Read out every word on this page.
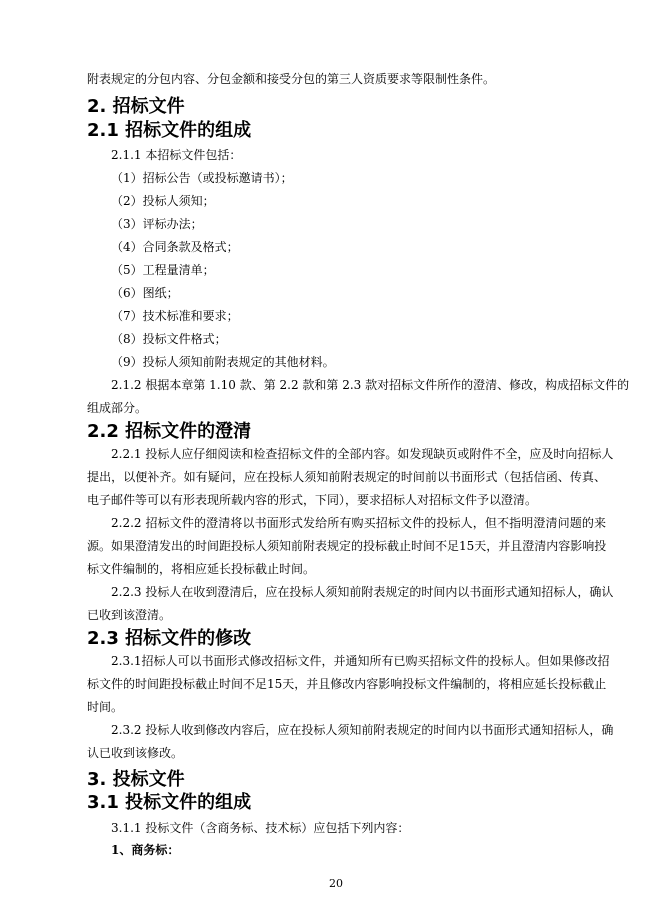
附表规定的分包内容、分包金额和接受分包的第三人资质要求等限制性条件。
2. 招标文件
2.1 招标文件的组成
2.1.1 本招标文件包括：
（1）招标公告（或投标邀请书）；
（2）投标人须知；
（3）评标办法；
（4）合同条款及格式；
（5）工程量清单；
（6）图纸；
（7）技术标准和要求；
（8）投标文件格式；
（9）投标人须知前附表规定的其他材料。
2.1.2 根据本章第 1.10 款、第 2.2 款和第 2.3 款对招标文件所作的澄清、修改，构成招标文件的
组成部分。
2.2 招标文件的澄清
2.2.1 投标人应仔细阅读和检查招标文件的全部内容。如发现缺页或附件不全，应及时向招标人
提出，以便补齐。如有疑问，应在投标人须知前附表规定的时间前以书面形式（包括信函、传真、
电子邮件等可以有形表现所载内容的形式，下同），要求招标人对招标文件予以澄清。
2.2.2 招标文件的澄清将以书面形式发给所有购买招标文件的投标人，但不指明澄清问题的来
源。如果澄清发出的时间距投标人须知前附表规定的投标截止时间不足15天，并且澄清内容影响投
标文件编制的，将相应延长投标截止时间。
2.2.3 投标人在收到澄清后，应在投标人须知前附表规定的时间内以书面形式通知招标人，确认
已收到该澄清。
2.3 招标文件的修改
2.3.1招标人可以书面形式修改招标文件，并通知所有已购买招标文件的投标人。但如果修改招
标文件的时间距投标截止时间不足15天，并且修改内容影响投标文件编制的，将相应延长投标截止
时间。
2.3.2 投标人收到修改内容后，应在投标人须知前附表规定的时间内以书面形式通知招标人，确
认已收到该修改。
3. 投标文件
3.1 投标文件的组成
3.1.1 投标文件（含商务标、技术标）应包括下列内容：
1、商务标：
20
